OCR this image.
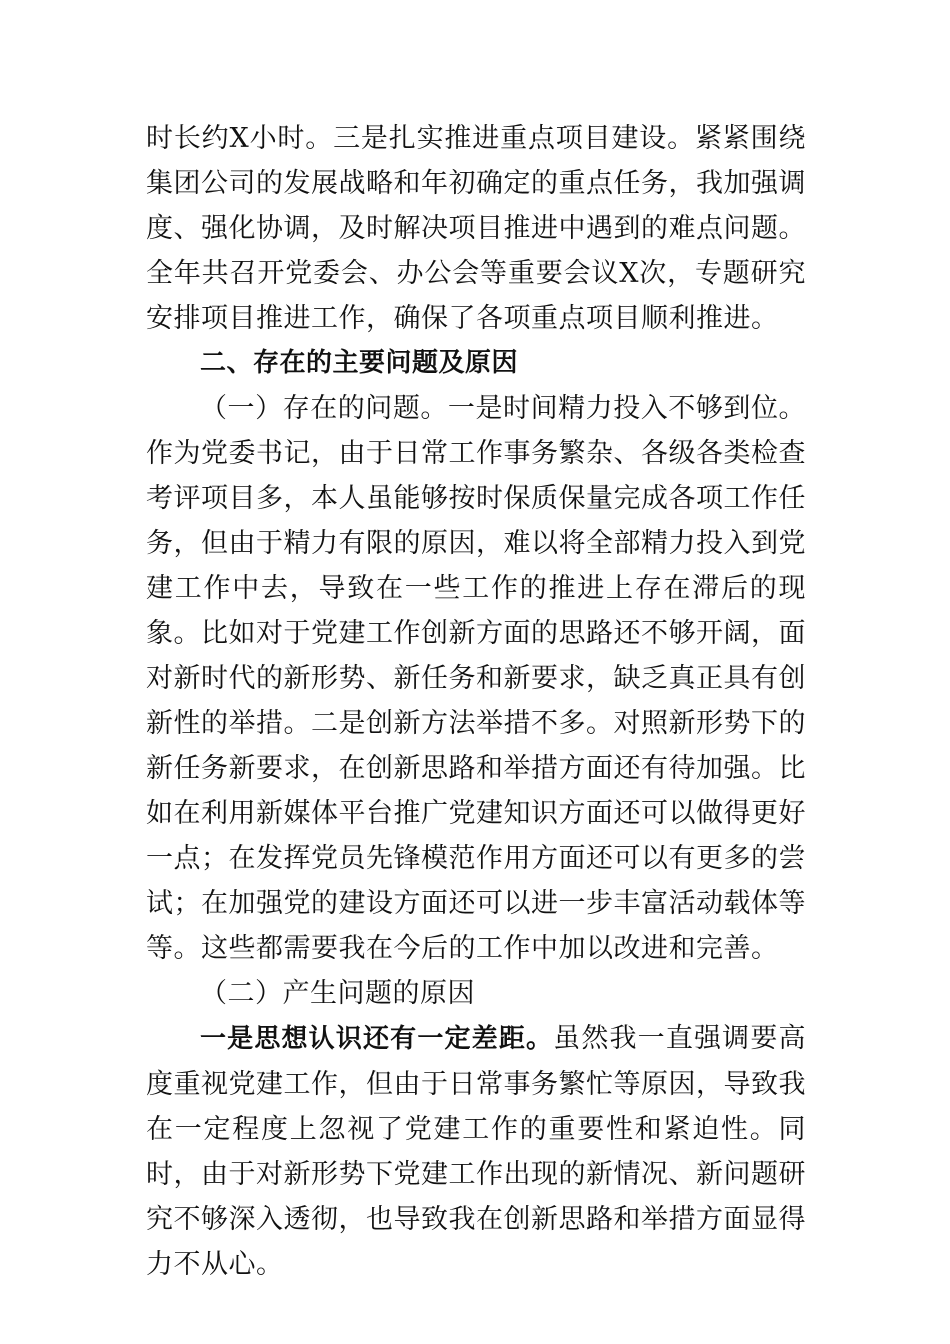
时长约X小时。三是扎实推进重点项目建设。紧紧围绕集团公司的发展战略和年初确定的重点任务，我加强调度、强化协调，及时解决项目推进中遇到的难点问题。全年共召开党委会、办公会等重要会议X次，专题研究安排项目推进工作，确保了各项重点项目顺利推进。

二、存在的主要问题及原因

（一）存在的问题。一是时间精力投入不够到位。作为党委书记，由于日常工作事务繁杂、各级各类检查考评项目多，本人虽能够按时保质保量完成各项工作任务，但由于精力有限的原因，难以将全部精力投入到党建工作中去，导致在一些工作的推进上存在滞后的现象。比如对于党建工作创新方面的思路还不够开阔，面对新时代的新形势、新任务和新要求，缺乏真正具有创新性的举措。二是创新方法举措不多。对照新形势下的新任务新要求，在创新思路和举措方面还有待加强。比如在利用新媒体平台推广党建知识方面还可以做得更好一点；在发挥党员先锋模范作用方面还可以有更多的尝试；在加强党的建设方面还可以进一步丰富活动载体等等。这些都需要我在今后的工作中加以改进和完善。

（二）产生问题的原因

一是思想认识还有一定差距。虽然我一直强调要高度重视党建工作，但由于日常事务繁忙等原因，导致我在一定程度上忽视了党建工作的重要性和紧迫性。同时，由于对新形势下党建工作出现的新情况、新问题研究不够深入透彻，也导致我在创新思路和举措方面显得力不从心。
